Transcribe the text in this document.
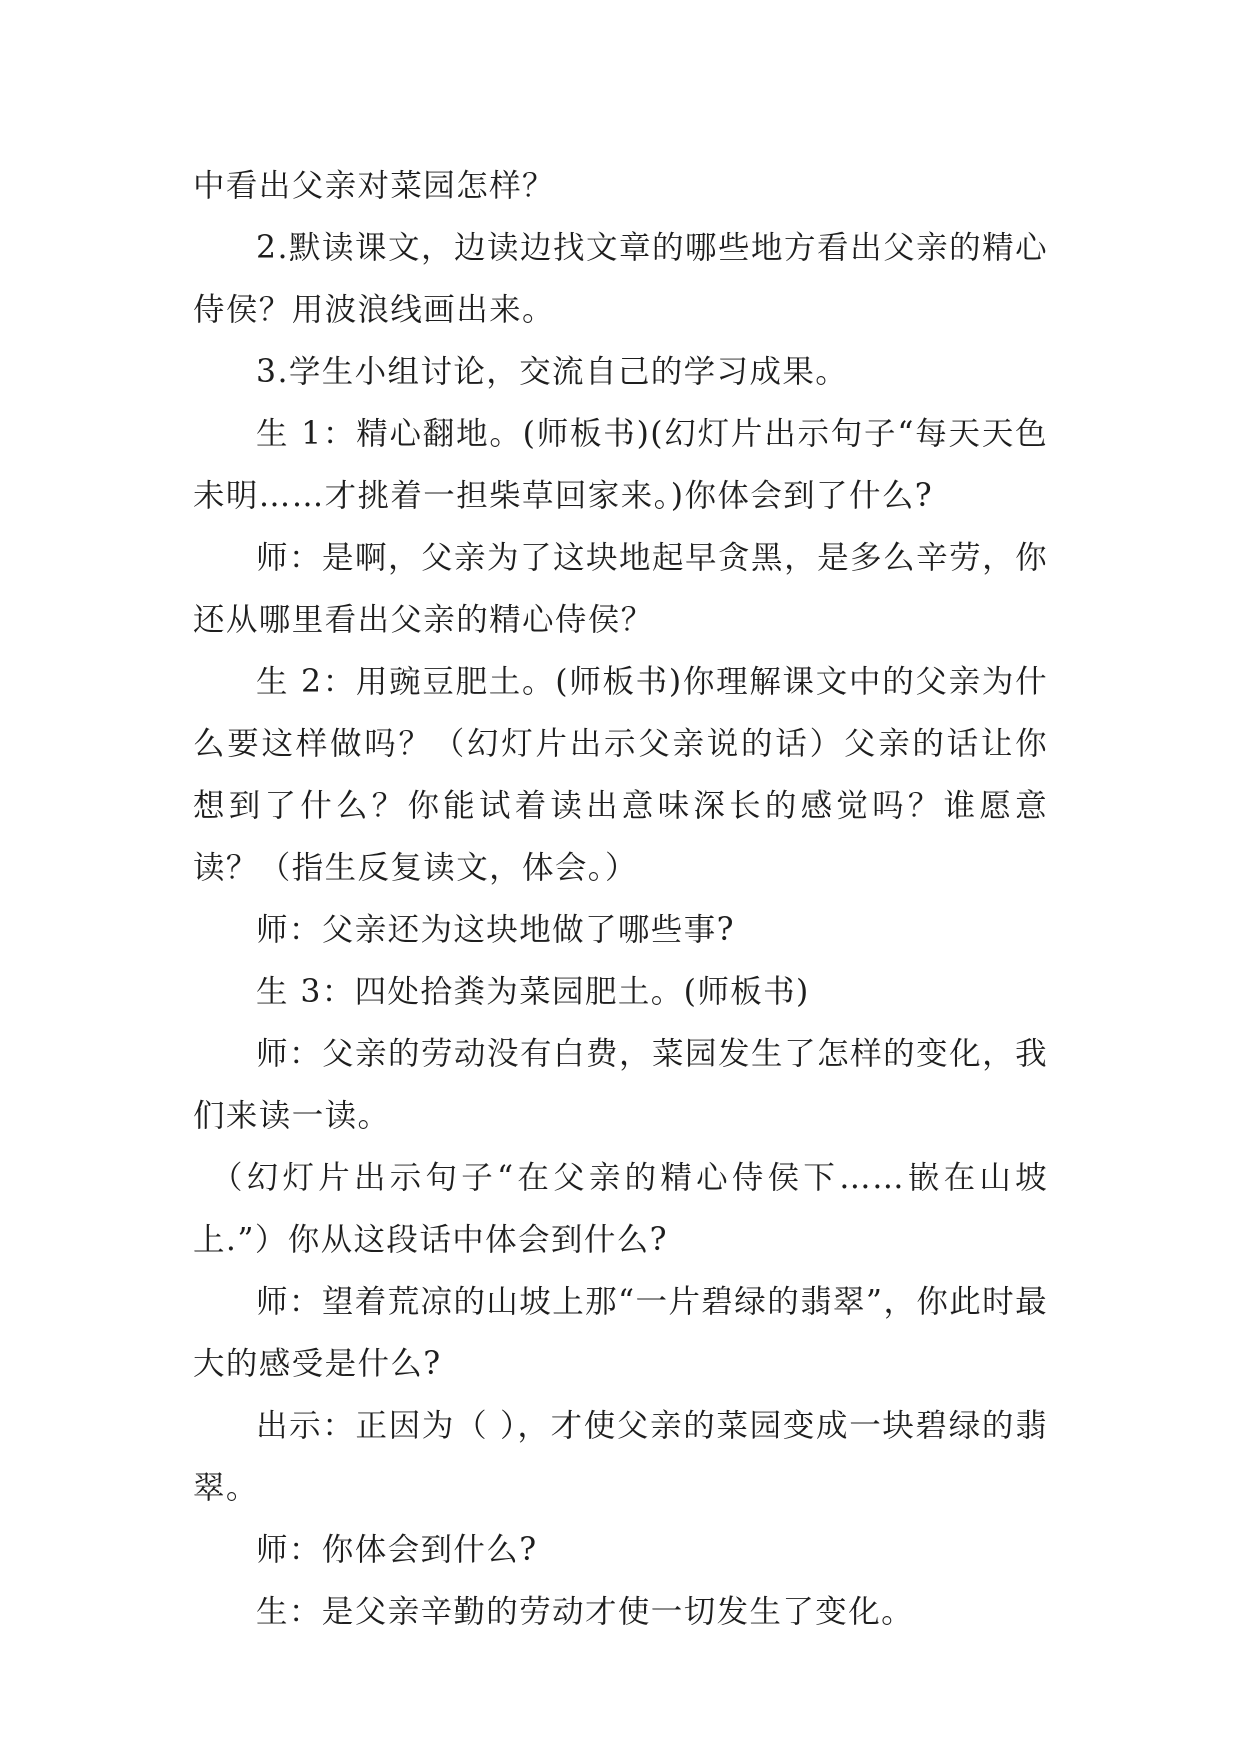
中看出父亲对菜园怎样？

2.默读课文，边读边找文章的哪些地方看出父亲的精心侍侯？用波浪线画出来。

3.学生小组讨论，交流自己的学习成果。

生 1：精心翻地。(师板书)(幻灯片出示句子“每天天色未明……才挑着一担柴草回家来。)你体会到了什么?

师：是啊，父亲为了这块地起早贪黑，是多么辛劳，你还从哪里看出父亲的精心侍侯？

生 2：用豌豆肥土。(师板书)你理解课文中的父亲为什么要这样做吗？（幻灯片出示父亲说的话）父亲的话让你想到了什么？你能试着读出意味深长的感觉吗？谁愿意读？（指生反复读文，体会。）

师：父亲还为这块地做了哪些事?

生 3：四处拾粪为菜园肥土。(师板书)

师：父亲的劳动没有白费，菜园发生了怎样的变化，我们来读一读。

（幻灯片出示句子“在父亲的精心侍侯下……嵌在山坡上.”）你从这段话中体会到什么?

师：望着荒凉的山坡上那“一片碧绿的翡翠”，你此时最大的感受是什么?

出示：正因为（ ），才使父亲的菜园变成一块碧绿的翡翠。

师：你体会到什么?

生：是父亲辛勤的劳动才使一切发生了变化。
